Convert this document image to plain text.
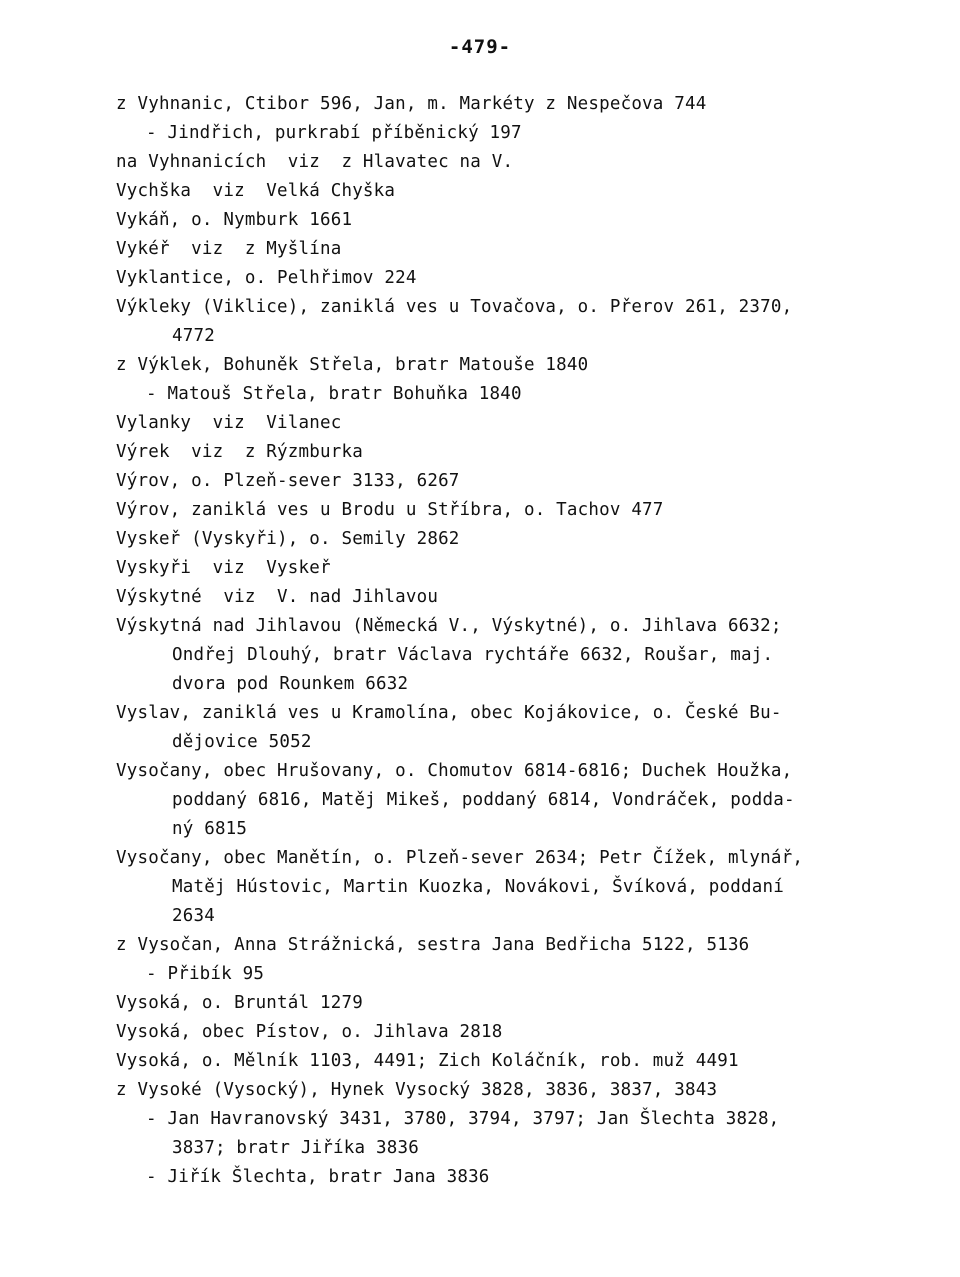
-479-
z Vyhnanic, Ctibor 596, Jan, m. Markéty z Nespečova 744
- Jindřich, purkrabí příběnický 197
na Vyhnanicích  viz  z Hlavatec na V.
Vychška  viz  Velká Chyška
Vykáň, o. Nymburk 1661
Vykéř  viz  z Myšlína
Vyklantice, o. Pelhřimov 224
Výkleky (Viklice), zaniklá ves u Tovačova, o. Přerov 261, 2370,
4772
z Výklek, Bohuněk Střela, bratr Matouše 1840
- Matouš Střela, bratr Bohuňka 1840
Vylanky  viz  Vilanec
Výrek  viz  z Rýzmburka
Výrov, o. Plzeň-sever 3133, 6267
Výrov, zaniklá ves u Brodu u Stříbra, o. Tachov 477
Vyskeř (Vyskyři), o. Semily 2862
Vyskyři  viz  Vyskeř
Výskytné  viz  V. nad Jihlavou
Výskytná nad Jihlavou (Německá V., Výskytné), o. Jihlava 6632;
Ondřej Dlouhý, bratr Václava rychtáře 6632, Roušar, maj.
dvora pod Rounkem 6632
Vyslav, zaniklá ves u Kramolína, obec Kojákovice, o. České Bu-
dějovice 5052
Vysočany, obec Hrušovany, o. Chomutov 6814-6816; Duchek Houžka,
poddaný 6816, Matěj Mikeš, poddaný 6814, Vondráček, podda-
ný 6815
Vysočany, obec Manětín, o. Plzeň-sever 2634; Petr Čížek, mlynář,
Matěj Hústovic, Martin Kuozka, Novákovi, Švíková, poddaní
2634
z Vysočan, Anna Strážnická, sestra Jana Bedřicha 5122, 5136
- Přibík 95
Vysoká, o. Bruntál 1279
Vysoká, obec Pístov, o. Jihlava 2818
Vysoká, o. Mělník 1103, 4491; Zich Koláčník, rob. muž 4491
z Vysoké (Vysocký), Hynek Vysocký 3828, 3836, 3837, 3843
- Jan Havranovský 3431, 3780, 3794, 3797; Jan Šlechta 3828,
3837; bratr Jiříka 3836
- Jiřík Šlechta, bratr Jana 3836
